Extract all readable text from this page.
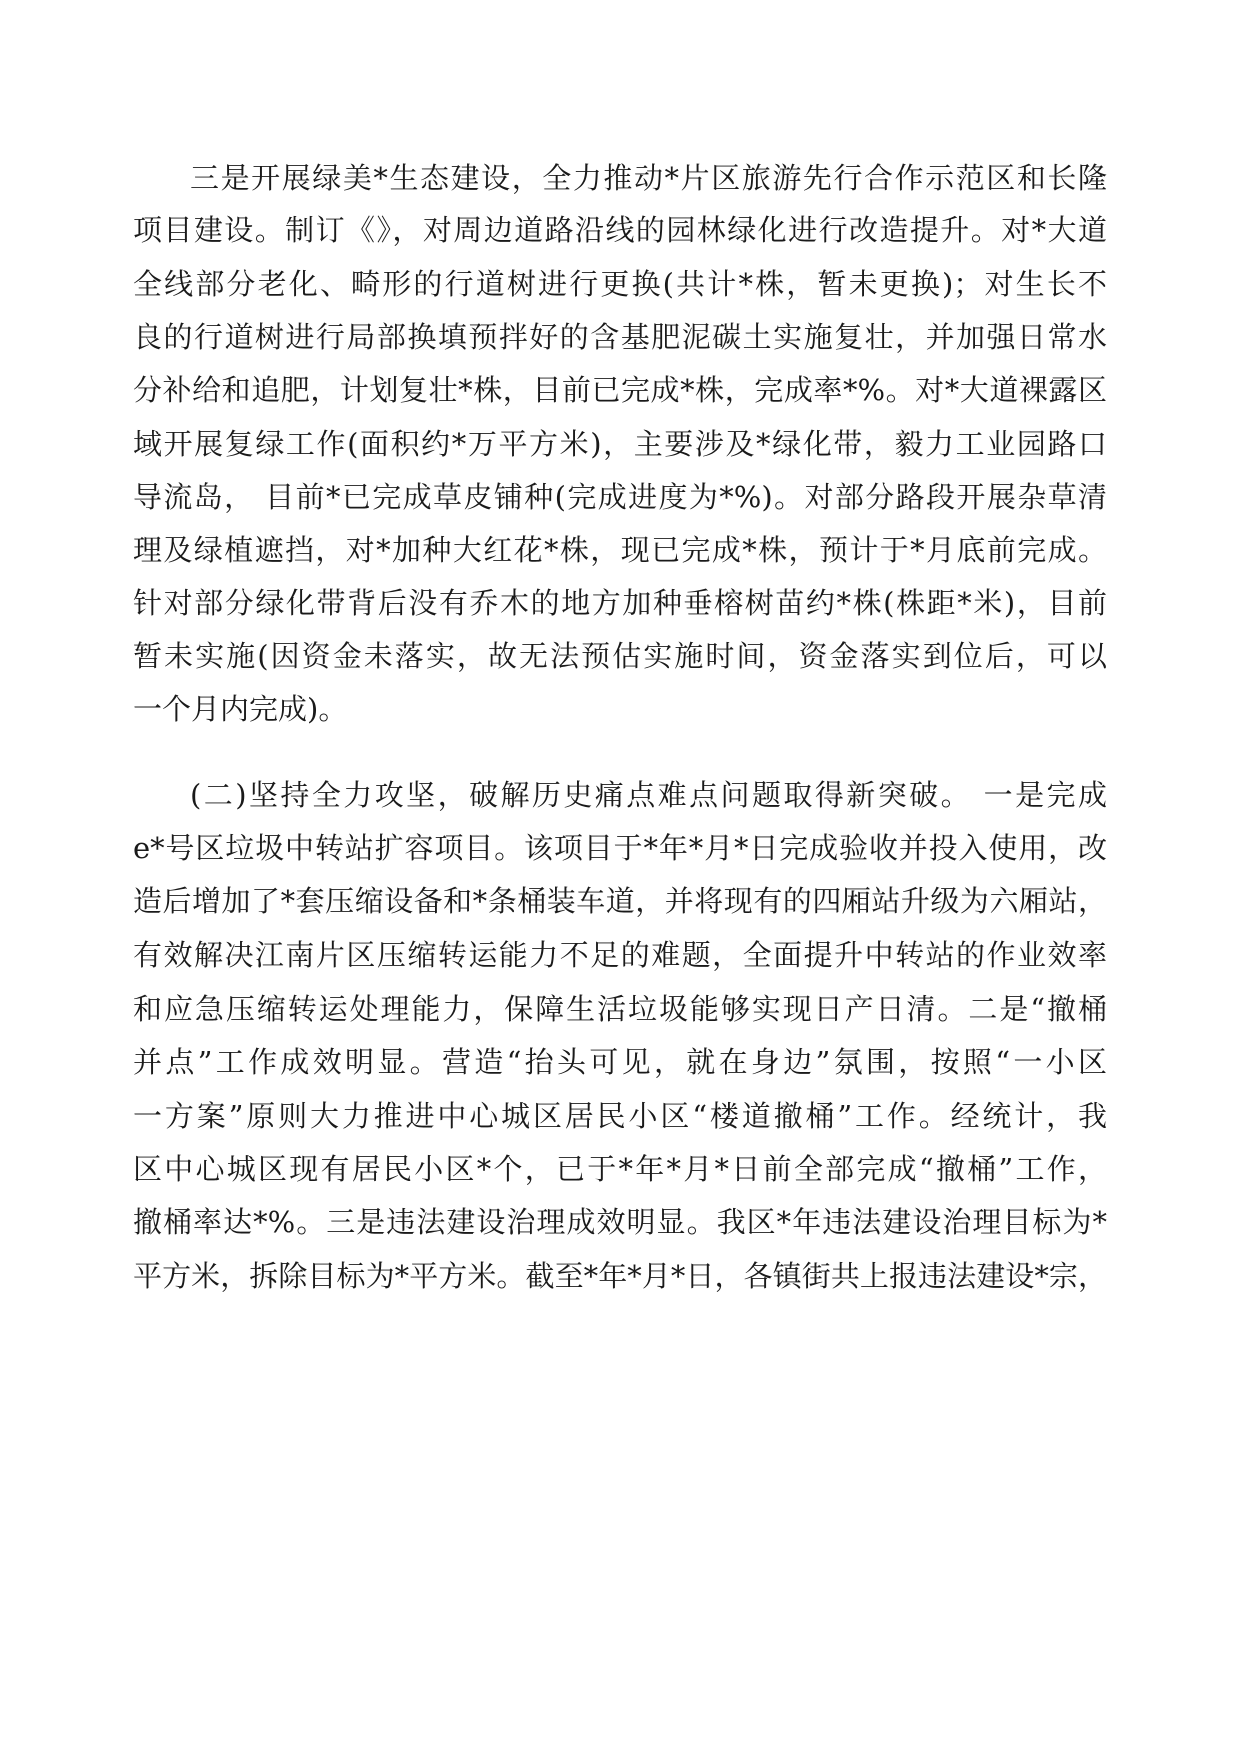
三是开展绿美*生态建设，全力推动*片区旅游先行合作示范区和长隆
项目建设。制订《》，对周边道路沿线的园林绿化进行改造提升。对*大道
全线部分老化、畸形的行道树进行更换(共计*株，暂未更换)；对生长不
良的行道树进行局部换填预拌好的含基肥泥碳土实施复壮，并加强日常水
分补给和追肥，计划复壮*株，目前已完成*株，完成率*%。对*大道裸露区
域开展复绿工作(面积约*万平方米)，主要涉及*绿化带，毅力工业园路口
导流岛， 目前*已完成草皮铺种(完成进度为*%)。对部分路段开展杂草清
理及绿植遮挡，对*加种大红花*株，现已完成*株，预计于*月底前完成。
针对部分绿化带背后没有乔木的地方加种垂榕树苗约*株(株距*米)，目前
暂未实施(因资金未落实，故无法预估实施时间，资金落实到位后，可以
一个月内完成)。
(二)坚持全力攻坚，破解历史痛点难点问题取得新突破。 一是完成
e*号区垃圾中转站扩容项目。该项目于*年*月*日完成验收并投入使用，改
造后增加了*套压缩设备和*条桶装车道，并将现有的四厢站升级为六厢站，
有效解决江南片区压缩转运能力不足的难题，全面提升中转站的作业效率
和应急压缩转运处理能力，保障生活垃圾能够实现日产日清。二是“撤桶
并点”工作成效明显。营造“抬头可见，就在身边”氛围，按照“一小区
一方案”原则大力推进中心城区居民小区“楼道撤桶”工作。经统计，我
区中心城区现有居民小区*个，已于*年*月*日前全部完成“撤桶”工作，
撤桶率达*%。三是违法建设治理成效明显。我区*年违法建设治理目标为*
平方米，拆除目标为*平方米。截至*年*月*日，各镇街共上报违法建设*宗，
